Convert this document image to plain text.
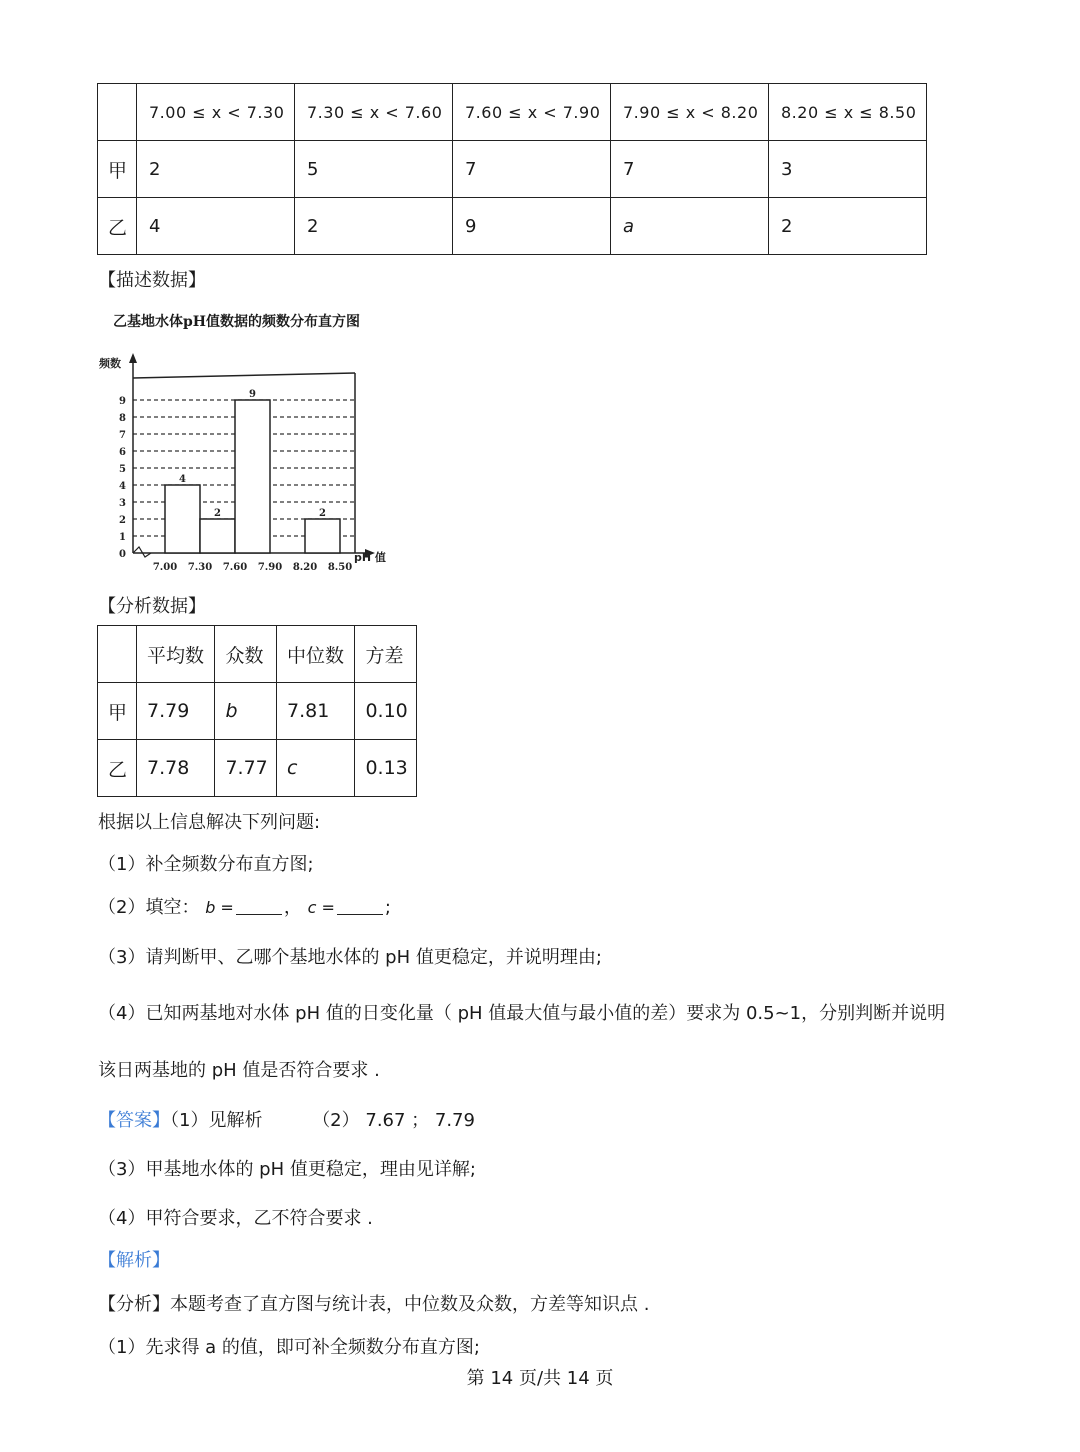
	7.00 ≤ x < 7.30	7.30 ≤ x < 7.60	7.60 ≤ x < 7.90	7.90 ≤ x < 8.20	8.20 ≤ x ≤ 8.50
甲	2	5	7	7	3
乙	4	2	9	a	2
【描述数据】
乙基地水体pH值数据的频数分布直方图
0
1
2
3
4
5
6
7
8
9
频数
4
2
9
2
7.00 7.30 7.60 7.90 8.20 8.50
pH 值
【分析数据】
	平均数	众数	中位数	方差
甲	7.79	b	7.81	0.10
乙	7.78	7.77	c	0.13
根据以上信息解决下列问题:
（1）补全频数分布直方图;
（2）填空： b =	， c =	;
（3）请判断甲、乙哪个基地水体的 pH 值更稳定，并说明理由;
（4）已知两基地对水体 pH 值的日变化量（ pH 值最大值与最小值的差）要求为 0.5~1，分别判断并说明
该日两基地的 pH 值是否符合要求 .
【答案】（1）见解析	（2） 7.67 ； 7.79
（3）甲基地水体的 pH 值更稳定，理由见详解;
（4）甲符合要求，乙不符合要求 .
【解析】
【分析】本题考查了直方图与统计表，中位数及众数，方差等知识点 .
（1）先求得 a 的值，即可补全频数分布直方图;
第 14 页/共 14 页
